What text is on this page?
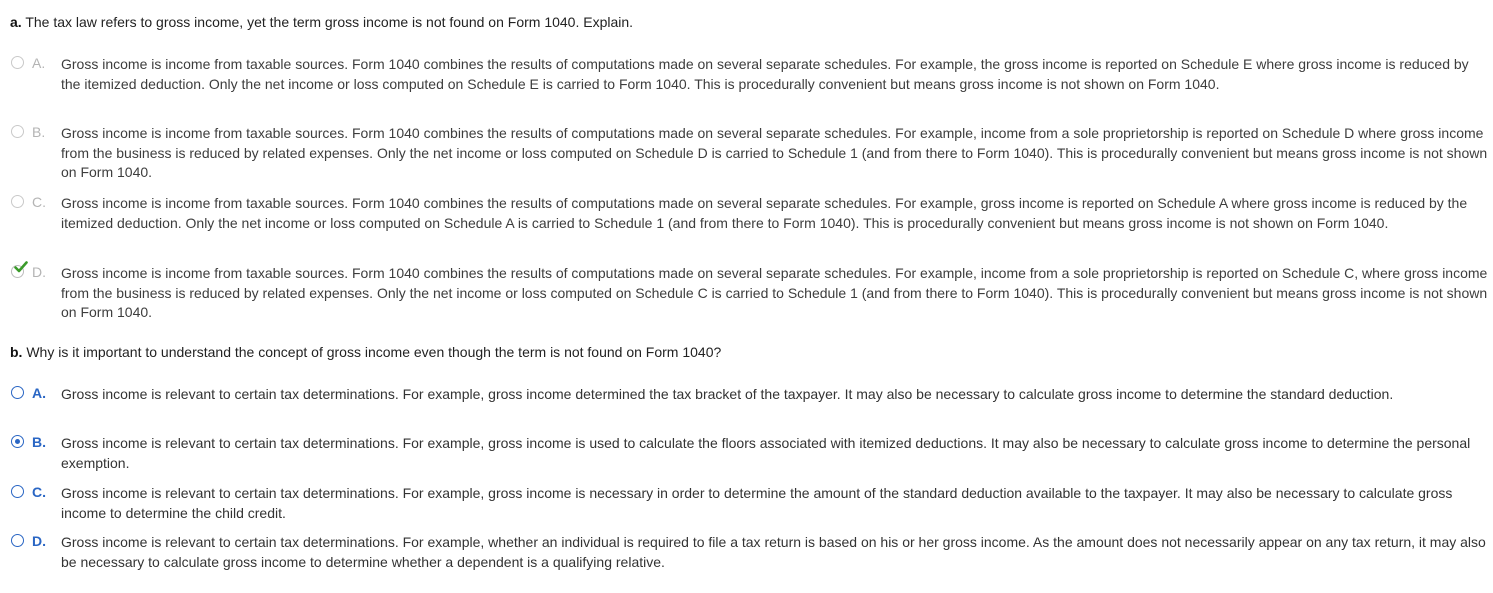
a. The tax law refers to gross income, yet the term gross income is not found on Form 1040. Explain.
A. Gross income is income from taxable sources. Form 1040 combines the results of computations made on several separate schedules. For example, the gross income is reported on Schedule E where gross income is reduced by the itemized deduction. Only the net income or loss computed on Schedule E is carried to Form 1040. This is procedurally convenient but means gross income is not shown on Form 1040.
B. Gross income is income from taxable sources. Form 1040 combines the results of computations made on several separate schedules. For example, income from a sole proprietorship is reported on Schedule D where gross income from the business is reduced by related expenses. Only the net income or loss computed on Schedule D is carried to Schedule 1 (and from there to Form 1040). This is procedurally convenient but means gross income is not shown on Form 1040.
C. Gross income is income from taxable sources. Form 1040 combines the results of computations made on several separate schedules. For example, gross income is reported on Schedule A where gross income is reduced by the itemized deduction. Only the net income or loss computed on Schedule A is carried to Schedule 1 (and from there to Form 1040). This is procedurally convenient but means gross income is not shown on Form 1040.
D. Gross income is income from taxable sources. Form 1040 combines the results of computations made on several separate schedules. For example, income from a sole proprietorship is reported on Schedule C, where gross income from the business is reduced by related expenses. Only the net income or loss computed on Schedule C is carried to Schedule 1 (and from there to Form 1040). This is procedurally convenient but means gross income is not shown on Form 1040.
b. Why is it important to understand the concept of gross income even though the term is not found on Form 1040?
A. Gross income is relevant to certain tax determinations. For example, gross income determined the tax bracket of the taxpayer. It may also be necessary to calculate gross income to determine the standard deduction.
B. Gross income is relevant to certain tax determinations. For example, gross income is used to calculate the floors associated with itemized deductions. It may also be necessary to calculate gross income to determine the personal exemption.
C. Gross income is relevant to certain tax determinations. For example, gross income is necessary in order to determine the amount of the standard deduction available to the taxpayer. It may also be necessary to calculate gross income to determine the child credit.
D. Gross income is relevant to certain tax determinations. For example, whether an individual is required to file a tax return is based on his or her gross income. As the amount does not necessarily appear on any tax return, it may also be necessary to calculate gross income to determine whether a dependent is a qualifying relative.
